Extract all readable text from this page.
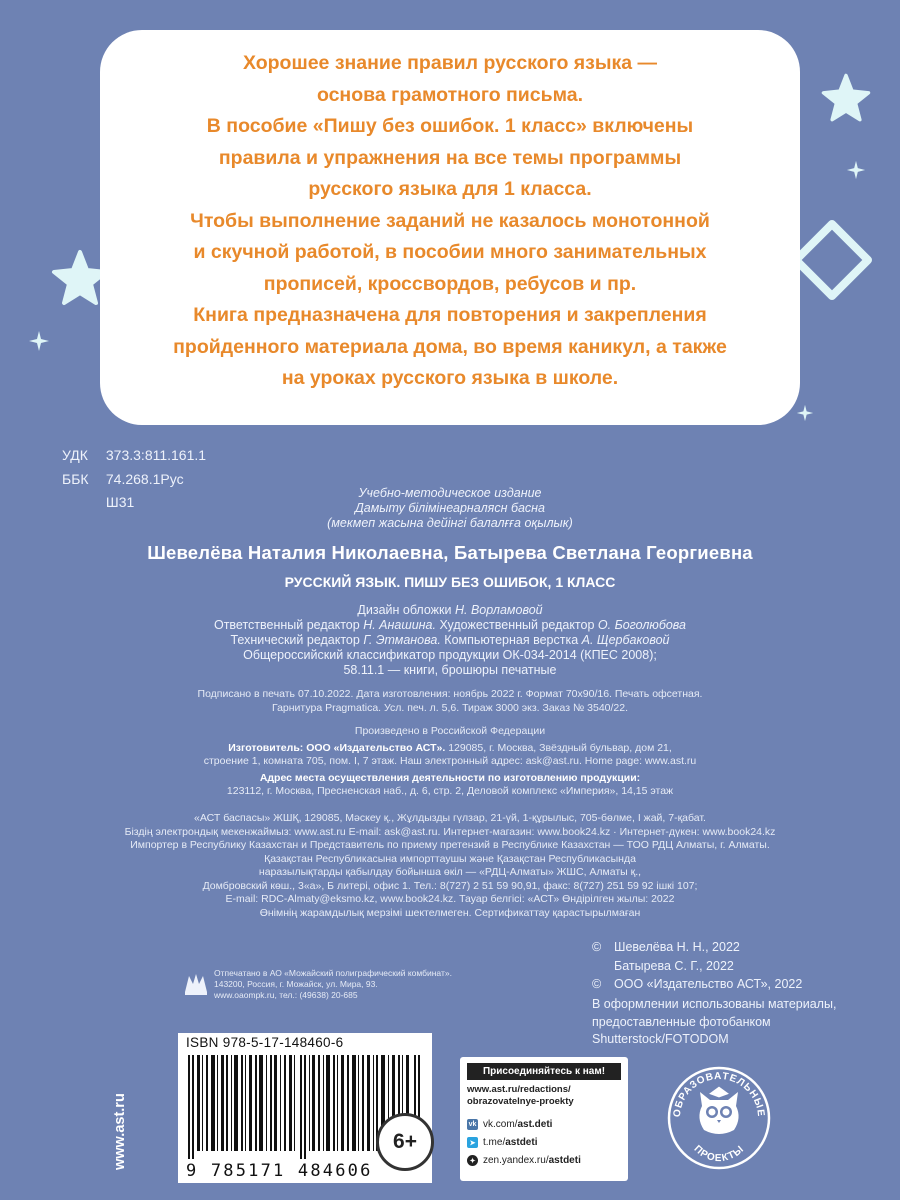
Хорошее знание правил русского языка —

основа грамотного письма.

В пособие «Пишу без ошибок. 1 класс» включены

правила и упражнения на все темы программы

русского языка для 1 класса.

Чтобы выполнение заданий не казалось монотонной

и скучной работой, в пособии много занимательных

прописей, кроссвордов, ребусов и пр.

Книга предназначена для повторения и закрепления

пройденного материала дома, во время каникул, а также

на уроках русского языка в школе.

УДК 373.3:811.161.1
ББК 74.268.1Рус
Ш31
Учебно-методическое издание
Дамыту білімінеарналясн басна
(мекмеп жасына дейінгі балалғға оқылык)
Шевелёва Наталия Николаевна, Батырева Светлана Георгиевна
РУССКИЙ ЯЗЫК. ПИШУ БЕЗ ОШИБОК, 1 КЛАСС
Дизайн обложки Н. Ворламовой
Ответственный редактор Н. Анашина. Художественный редактор О. Боголюбова
Технический редактор Г. Этманова. Компьютерная верстка А. Щербаковой
Общероссийский классификатор продукции ОК-034-2014 (КПЕС 2008);
58.11.1 — книги, брошюры печатные
Подписано в печать 07.10.2022. Дата изготовления: ноябрь 2022 г. Формат 70x90/16. Печать офсетная.
Гарнитура Pragmatica. Усл. печ. л. 5,6. Тираж 3000 экз. Заказ № 3540/22.
Произведено в Российской Федерации
Изготовитель: ООО «Издательство АСТ». 129085, г. Москва, Звёздный бульвар, дом 21,
строение 1, комната 705, пом. I, 7 этаж. Наш электронный адрес: ask@ast.ru. Home page: www.ast.ru
Адрес места осуществления деятельности по изготовлению продукции:
123112, г. Москва, Пресненская наб., д. 6, стр. 2, Деловой комплекс «Империя», 14,15 этаж
«АСТ баспасы» ЖШҚ, 129085, Мәскеу қ., Жұлдызды гүлзар, 21-үй, 1-құрылыс, 705-бөлме, I жай, 7-қабат.
Біздің электрондық мекенжаймыз: www.ast.ru E-mail: ask@ast.ru. Интернет-магазин: www.book24.kz · Интернет-дүкен: www.book24.kz
Импортер в Республику Казахстан и Представитель по приему претензий в Республике Казахстан — ТОО РДЦ Алматы, г. Алматы.
Қазақстан Республикасына импорттаушы және Қазақстан Республикасында
наразылықтарды қабылдау бойынша өкіл — «РДЦ-Алматы» ЖШС, Алматы қ.,
Домбровский көш., 3«а», Б литері, офис 1. Тел.: 8(727) 2 51 59 90,91, факс: 8(727) 251 59 92 ішкі 107;
E-mail: RDC-Almaty@eksmo.kz, www.book24.kz. Тауар белгісі: «АСТ» Өндірілген жылы: 2022
Өнімнің жарамдылық мерзімі шектелмеген. Сертификаттау қарастырылмаған
© Шевелёва Н. Н., 2022
Батырева С. Г., 2022
© ООО «Издательство АСТ», 2022
В оформлении использованы материалы, предоставленные фотобанком Shutterstock/FOTODOM
Отпечатано в АО «Можайский полиграфический комбинат».
143200, Россия, г. Можайск, ул. Мира, 93.
www.oaompk.ru, тел.: (49638) 20-685
www.ast.ru
ISBN 978-5-17-148460-6
9 785171 484606
6+
Присоединяйтесь к нам!
www.ast.ru/redactions/
obrazovatelnye-proekty
vk vk.com/ ast.deti
➤ t.me/ astdeti
✦ zen.yandex.ru/ astdeti
ОБРАЗОВАТЕЛЬНЫЕ
ПРОЕКТЫ
